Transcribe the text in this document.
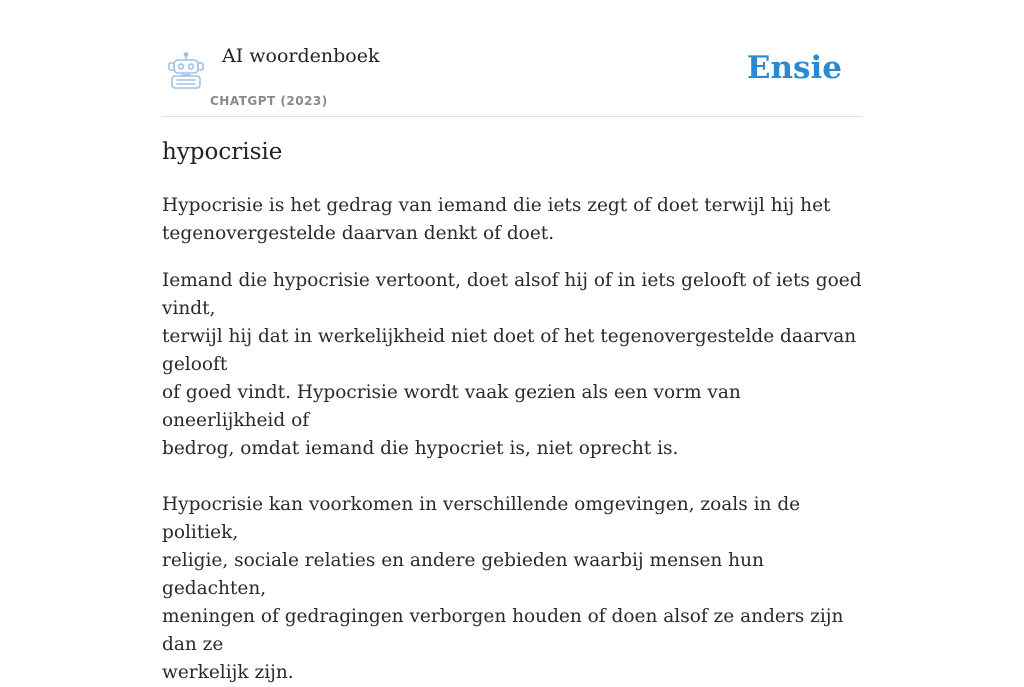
AI woordenboek
CHATGPT (2023)
Ensie
hypocrisie

Hypocrisie is het gedrag van iemand die iets zegt of doet terwijl hij het
tegenovergestelde daarvan denkt of doet.

Iemand die hypocrisie vertoont, doet alsof hij of in iets gelooft of iets goed vindt,
terwijl hij dat in werkelijkheid niet doet of het tegenovergestelde daarvan gelooft
of goed vindt. Hypocrisie wordt vaak gezien als een vorm van oneerlijkheid of
bedrog, omdat iemand die hypocriet is, niet oprecht is.

Hypocrisie kan voorkomen in verschillende omgevingen, zoals in de politiek,
religie, sociale relaties en andere gebieden waarbij mensen hun gedachten,
meningen of gedragingen verborgen houden of doen alsof ze anders zijn dan ze
werkelijk zijn.
